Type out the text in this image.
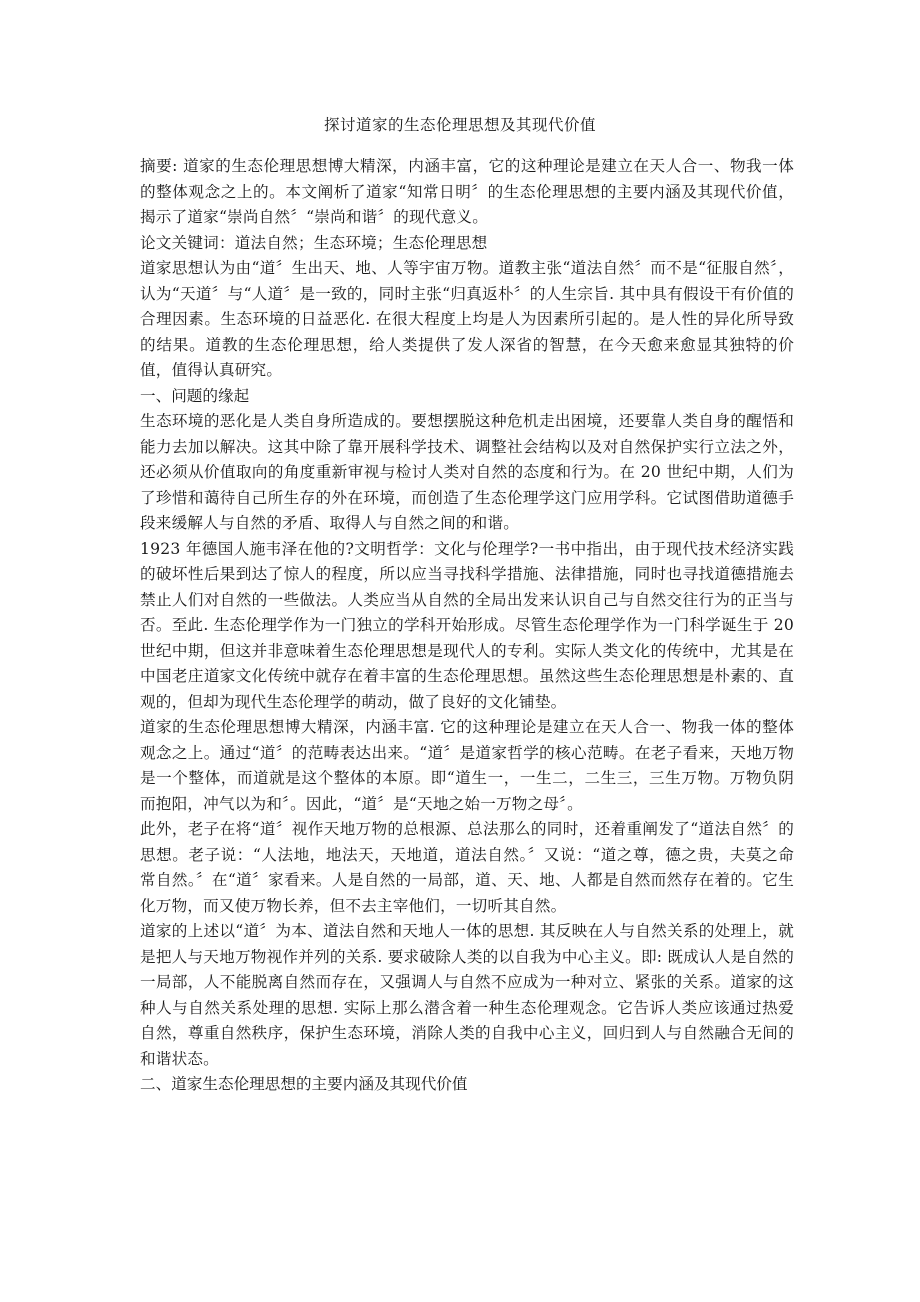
探讨道家的生态伦理思想及其现代价值

摘要: 道家的生态伦理思想博大精深，内涵丰富，它的这种理论是建立在天人合一、物我一体的整体观念之上的。本文阐析了道家“知常日明〞的生态伦理思想的主要内涵及其现代价值，揭示了道家“崇尚自然〞“崇尚和谐〞的现代意义。

论文关键词：道法自然；生态环境；生态伦理思想

道家思想认为由“道〞生出天、地、人等宇宙万物。道教主张“道法自然〞而不是“征服自然〞，认为“天道〞与“人道〞是一致的，同时主张“归真返朴〞的人生宗旨. 其中具有假设干有价值的合理因素。生态环境的日益恶化. 在很大程度上均是人为因素所引起的。是人性的异化所导致的结果。道教的生态伦理思想，给人类提供了发人深省的智慧，在今天愈来愈显其独特的价值，值得认真研究。

一、问题的缘起

生态环境的恶化是人类自身所造成的。要想摆脱这种危机走出困境，还要靠人类自身的醒悟和能力去加以解决。这其中除了靠开展科学技术、调整社会结构以及对自然保护实行立法之外，还必须从价值取向的角度重新审视与检讨人类对自然的态度和行为。在 20 世纪中期，人们为了珍惜和蔼待自己所生存的外在环境，而创造了生态伦理学这门应用学科。它试图借助道德手段来缓解人与自然的矛盾、取得人与自然之间的和谐。

1923 年德国人施韦泽在他的?文明哲学：文化与伦理学?一书中指出，由于现代技术经济实践的破坏性后果到达了惊人的程度，所以应当寻找科学措施、法律措施，同时也寻找道德措施去禁止人们对自然的一些做法。人类应当从自然的全局出发来认识自己与自然交往行为的正当与否。至此. 生态伦理学作为一门独立的学科开始形成。尽管生态伦理学作为一门科学诞生于 20 世纪中期，但这并非意味着生态伦理思想是现代人的专利。实际人类文化的传统中，尤其是在中国老庄道家文化传统中就存在着丰富的生态伦理思想。虽然这些生态伦理思想是朴素的、直观的，但却为现代生态伦理学的萌动，做了良好的文化铺垫。

道家的生态伦理思想博大精深，内涵丰富. 它的这种理论是建立在天人合一、物我一体的整体观念之上。通过“道〞的范畴表达出来。“道〞是道家哲学的核心范畴。在老子看来，天地万物是一个整体，而道就是这个整体的本原。即“道生一，一生二，二生三，三生万物。万物负阴而抱阳，冲气以为和〞。因此，“道〞是“天地之始一万物之母〞。

此外，老子在将“道〞视作天地万物的总根源、总法那么的同时，还着重阐发了“道法自然〞的思想。老子说：“人法地，地法天，天地道，道法自然。〞又说：“道之尊，德之贵，夫莫之命常自然。〞在“道〞家看来。人是自然的一局部，道、天、地、人都是自然而然存在着的。它生化万物，而又使万物长养，但不去主宰他们，一切听其自然。

道家的上述以“道〞为本、道法自然和天地人一体的思想. 其反映在人与自然关系的处理上，就是把人与天地万物视作并列的关系. 要求破除人类的以自我为中心主义。即: 既成认人是自然的一局部，人不能脱离自然而存在，又强调人与自然不应成为一种对立、紧张的关系。道家的这种人与自然关系处理的思想. 实际上那么潜含着一种生态伦理观念。它告诉人类应该通过热爱自然，尊重自然秩序，保护生态环境，消除人类的自我中心主义，回归到人与自然融合无间的和谐状态。

二、道家生态伦理思想的主要内涵及其现代价值
